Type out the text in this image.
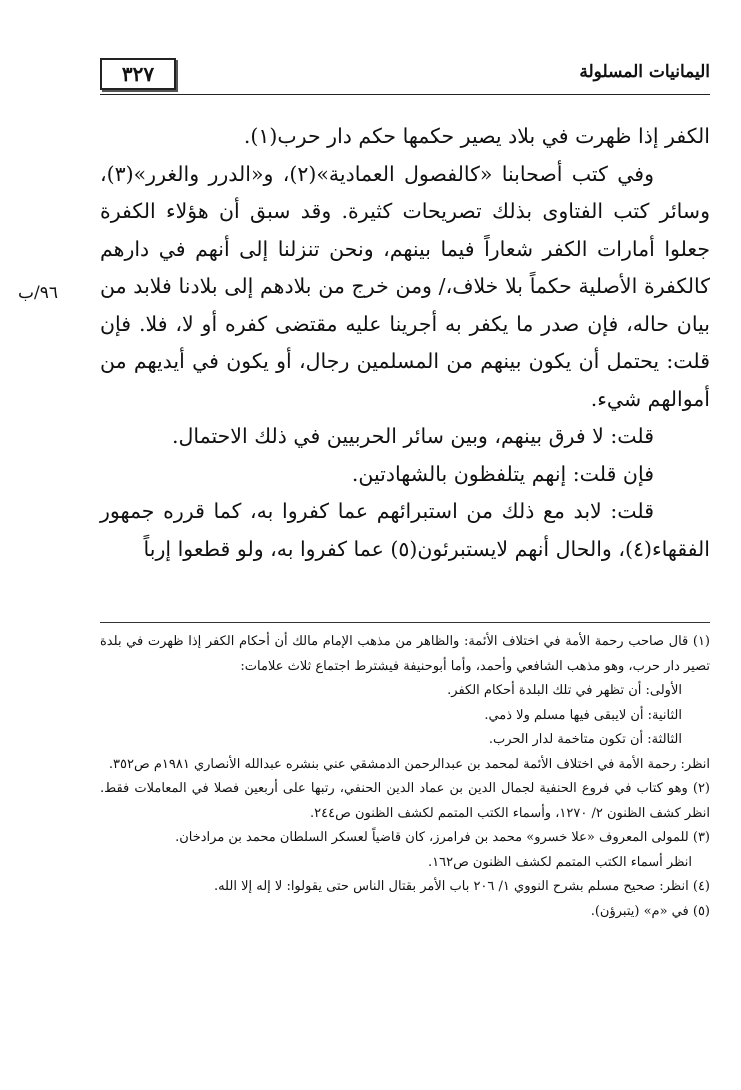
٣٢٧	اليمانيات المسلولة
٩٦/ب

الكفر إذا ظهرت في بلاد يصير حكمها حكم دار حرب(١).

وفي كتب أصحابنا «كالفصول العمادية»(٢)، و«الدرر والغرر»(٣)، وسائر كتب الفتاوى بذلك تصريحات كثيرة. وقد سبق أن هؤلاء الكفرة جعلوا أمارات الكفر شعاراً فيما بينهم، ونحن تنزلنا إلى أنهم في دارهم كالكفرة الأصلية حكماً بلا خلاف،/ ومن خرج من بلادهم إلى بلادنا فلابد من بيان حاله، فإن صدر ما يكفر به أجرينا عليه مقتضى كفره أو لا، فلا. فإن قلت: يحتمل أن يكون بينهم من المسلمين رجال، أو يكون في أيديهم من أموالهم شيء.

قلت: لا فرق بينهم، وبين سائر الحربيين في ذلك الاحتمال.

فإن قلت: إنهم يتلفظون بالشهادتين.

قلت: لابد مع ذلك من استبرائهم عما كفروا به، كما قرره جمهور الفقهاء(٤)، والحال أنهم لايستبرئون(٥) عما كفروا به، ولو قطعوا إرباً

(١) قال صاحب رحمة الأمة في اختلاف الأئمة: والظاهر من مذهب الإمام مالك أن أحكام الكفر إذا ظهرت في بلدة تصير دار حرب، وهو مذهب الشافعي وأحمد، وأما أبوحنيفة فيشترط اجتماع ثلاث علامات:

الأولى: أن تظهر في تلك البلدة أحكام الكفر.

الثانية: أن لايبقى فيها مسلم ولا ذمي.

الثالثة: أن تكون متاخمة لدار الحرب.

انظر: رحمة الأمة في اختلاف الأئمة لمحمد بن عبدالرحمن الدمشقي عني بنشره عبدالله الأنصاري ١٩٨١م ص٣٥٢.

(٢) وهو كتاب في فروع الحنفية لجمال الدين بن عماد الدين الحنفي، رتبها على أربعين فصلا في المعاملات فقط. انظر كشف الظنون ٢/ ١٢٧٠، وأسماء الكتب المتمم لكشف الظنون ص٢٤٤.

(٣) للمولى المعروف «علا خسرو» محمد بن فرامرز، كان قاضياً لعسكر السلطان محمد بن مرادخان.

انظر أسماء الكتب المتمم لكشف الظنون ص١٦٢.

(٤) انظر: صحيح مسلم بشرح النووي ١/ ٢٠٦ باب الأمر بقتال الناس حتى يقولوا: لا إله إلا الله.

(٥) في «م» (يتبرؤن).
